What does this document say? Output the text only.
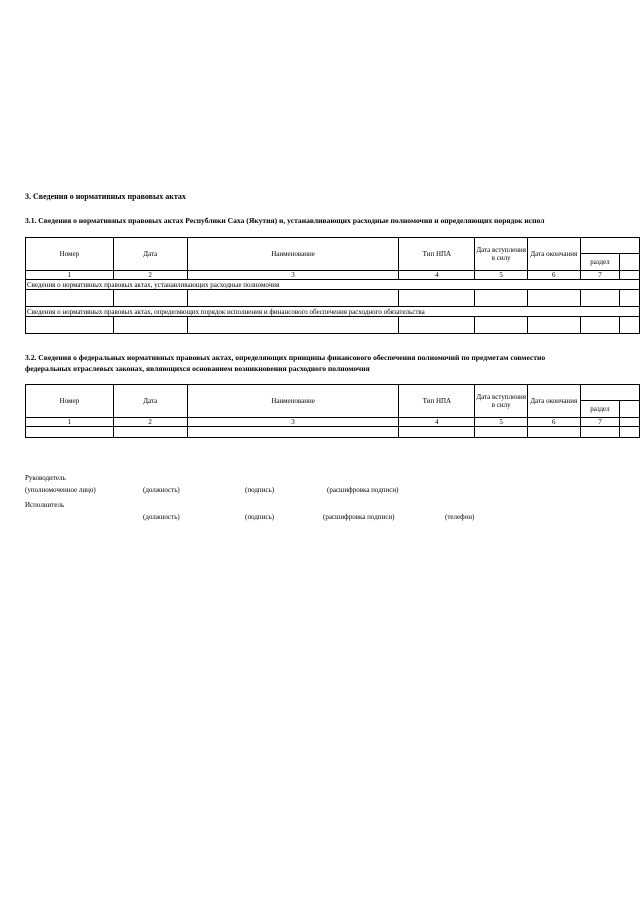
3. Сведения о нормативных правовых актах
3.1. Сведения о нормативных правовых актах Республики Саха (Якутия) и, устанавливающих расходные полномочия и определяющих порядок испол
Номер	Дата	Наименование	Тип НПА	Дата вступления в силу	Дата окончания		
						раздел	
1	2	3	4	5	6	7	
Сведения о нормативных правовых актах, устанавливающих расходные полномочия							

Сведения о нормативных правовых актах, определяющих порядок исполнения и финансового обеспечения расходного обязательства							

3.2. Сведения о федеральных нормативных правовых актах, определяющих принципы финансового обеспечения полномочий по предметам совместно
федеральных отраслевых законах, являющихся основанием возникновения расходного полномочия
Номер	Дата	Наименование	Тип НПА	Дата вступления в силу	Дата окончания		
						раздел	
1	2	3	4	5	6	7	

Руководитель
(уполномоченное лицо)	(должность)	(подпись)	(расшифровка подписи)
Исполнитель
(должность)	(подпись)	(расшифровка подписи)	(телефон)
